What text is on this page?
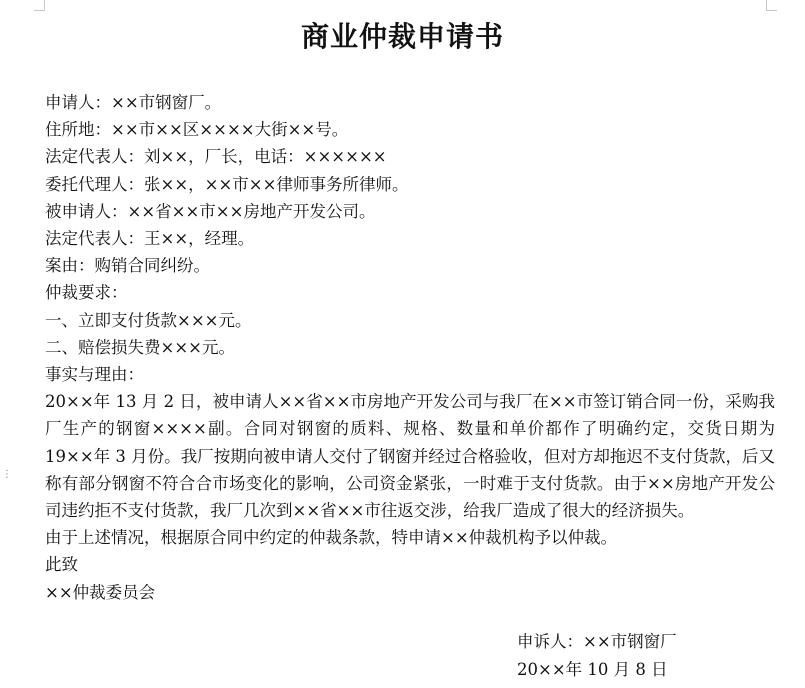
⋮
商业仲裁申请书

申请人：××市钢窗厂。

住所地：××市××区××××大街××号。

法定代表人：刘××，厂长，电话：××××××

委托代理人：张××，××市××律师事务所律师。

被申请人：××省××市××房地产开发公司。

法定代表人：王××，经理。

案由：购销合同纠纷。

仲裁要求：

一、立即支付货款×××元。

二、赔偿损失费×××元。

事实与理由：

20××年 13 月 2 日，被申请人××省××市房地产开发公司与我厂在××市签订销合同一份，采购我厂生产的钢窗××××副。合同对钢窗的质料、规格、数量和单价都作了明确约定，交货日期为 19××年 3 月份。我厂按期向被申请人交付了钢窗并经过合格验收，但对方却拖迟不支付货款，后又称有部分钢窗不符合合市场变化的影响，公司资金紧张，一时难于支付货款。由于××房地产开发公司违约拒不支付货款，我厂几次到××省××市往返交涉，给我厂造成了很大的经济损失。

由于上述情况，根据原合同中约定的仲裁条款，特申请××仲裁机构予以仲裁。

此致

××仲裁委员会

申诉人：××市钢窗厂
20××年 10 月 8 日
